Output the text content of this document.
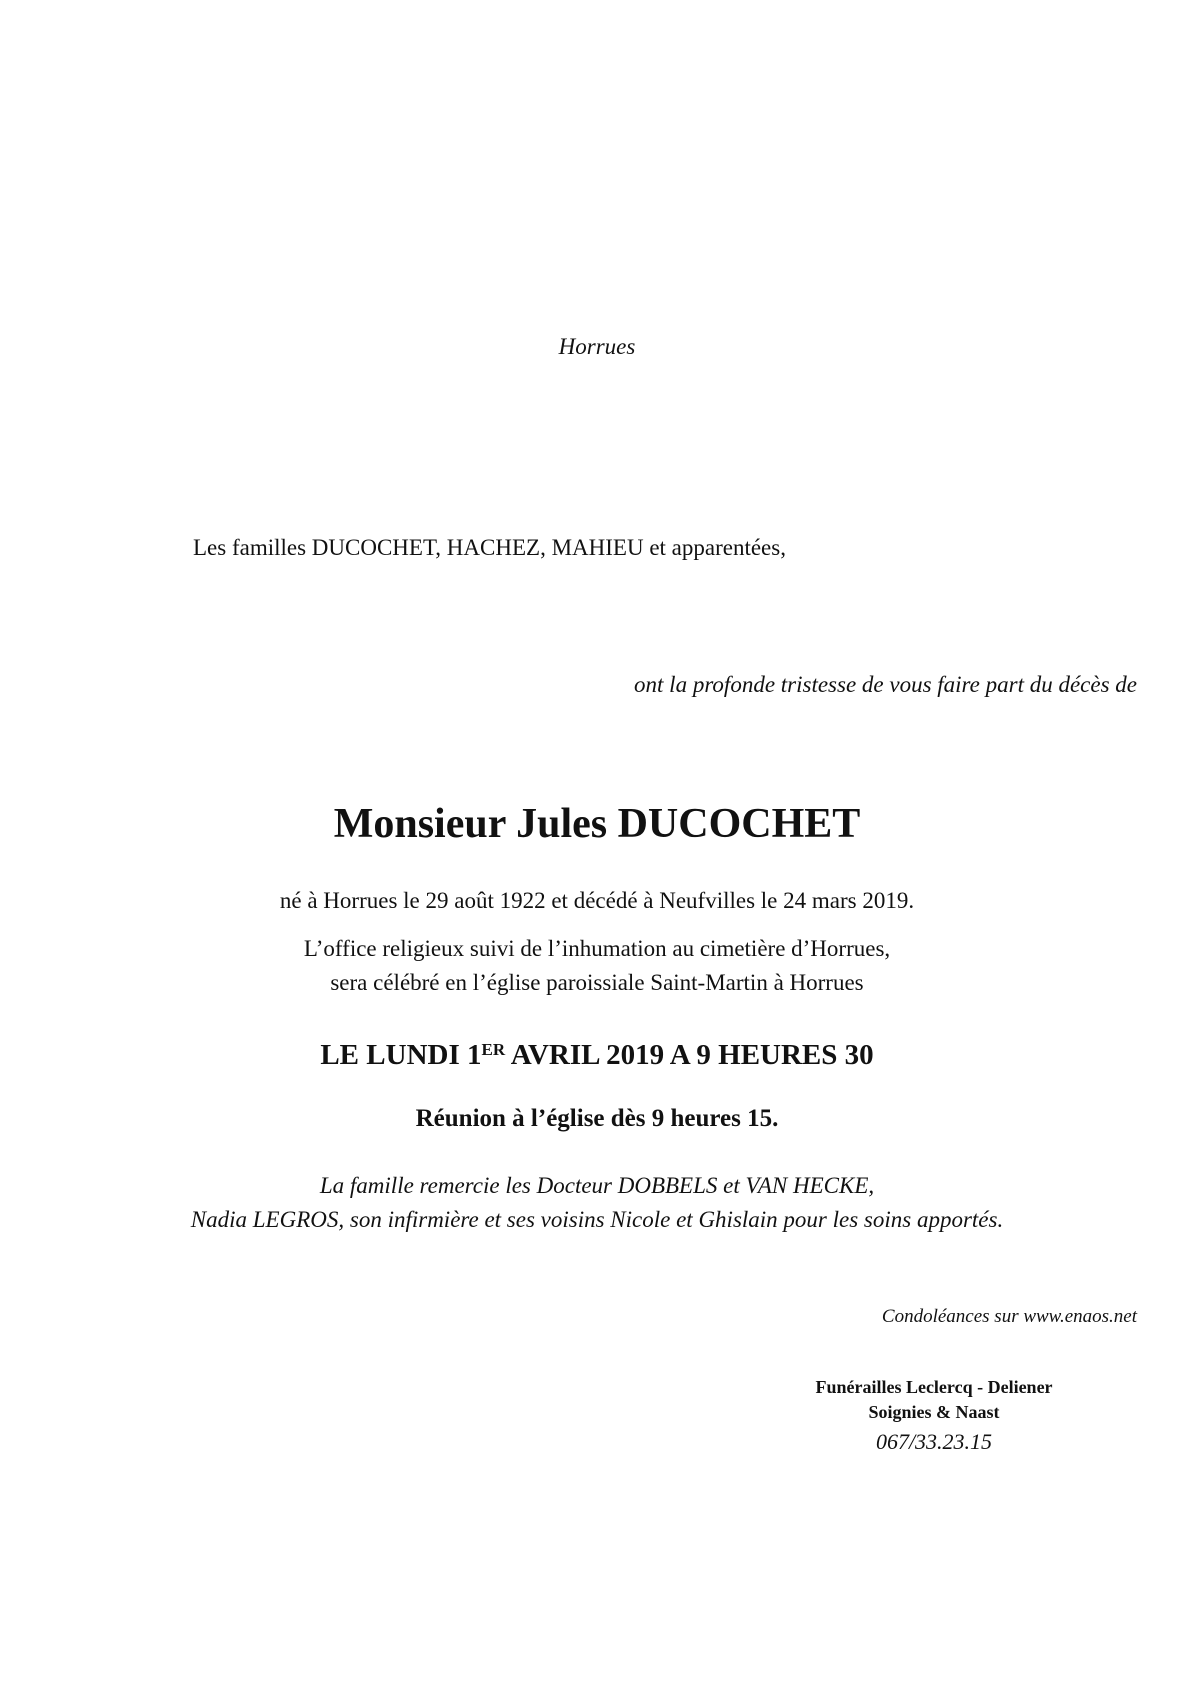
Horrues
Les familles DUCOCHET, HACHEZ, MAHIEU et apparentées,
ont la profonde tristesse de vous faire part du décès de
Monsieur Jules DUCOCHET
né à Horrues le 29 août 1922 et décédé à Neufvilles le 24 mars 2019.
L’office religieux suivi de l’inhumation au cimetière d’Horrues,
sera célébré en l’église paroissiale Saint-Martin à Horrues
LE LUNDI 1ER AVRIL 2019 A 9 HEURES 30
Réunion à l’église dès 9 heures 15.
La famille remercie les Docteur DOBBELS et VAN HECKE,
Nadia LEGROS, son infirmière et ses voisins Nicole et Ghislain pour les soins apportés.
Condoléances sur www.enaos.net
Funérailles Leclercq - Deliener
Soignies & Naast
067/33.23.15
